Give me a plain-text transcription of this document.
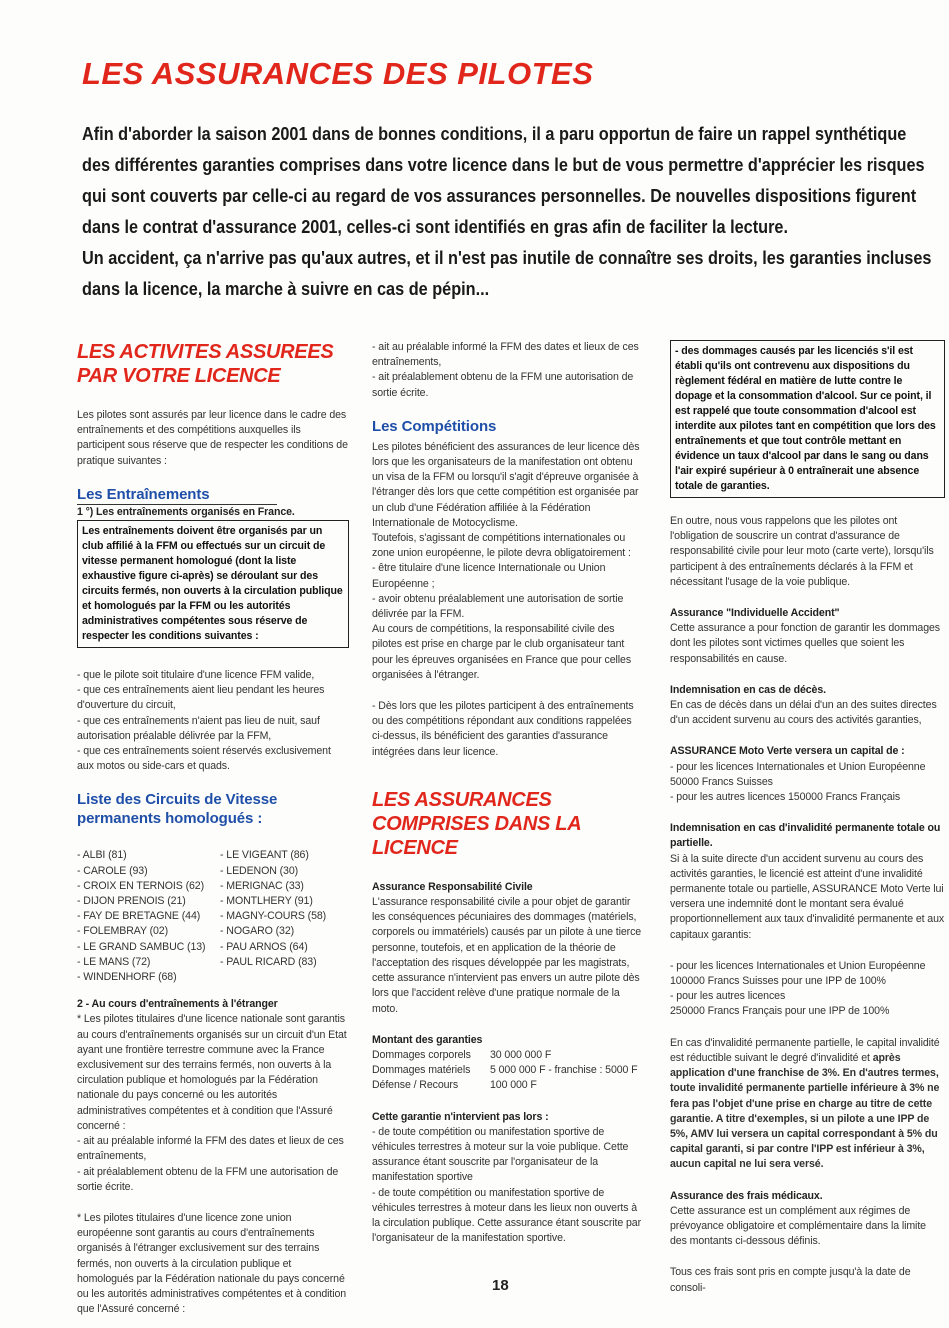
LES ASSURANCES DES PILOTES

Afin d'aborder la saison 2001 dans de bonnes conditions, il a paru opportun de faire un rappel synthétique des différentes garanties comprises dans votre licence dans le but de vous permettre d'apprécier les risques qui sont couverts par celle-ci au regard de vos assurances personnelles. De nouvelles dispositions figurent dans le contrat d'assurance 2001, celles-ci sont identifiés en gras afin de faciliter la lecture.

Un accident, ça n'arrive pas qu'aux autres, et il n'est pas inutile de connaître ses droits, les garanties incluses dans la licence, la marche à suivre en cas de pépin...

LES ACTIVITES ASSUREES PAR VOTRE LICENCE

Les pilotes sont assurés par leur licence dans le cadre des entraînements et des compétitions auxquelles ils participent sous réserve que de respecter les conditions de pratique suivantes :

Les Entraînements

1 °) Les entraînements organisés en France.

Les entraînements doivent être organisés par un club affilié à la FFM ou effectués sur un circuit de vitesse permanent homologué (dont la liste exhaustive figure ci-après) se déroulant sur des circuits fermés, non ouverts à la circulation publique et homologués par la FFM ou les autorités administratives compétentes sous réserve de respecter les conditions suivantes :

- que le pilote soit titulaire d'une licence FFM valide,

- que ces entraînements aient lieu pendant les heures d'ouverture du circuit,

- que ces entraînements n'aient pas lieu de nuit, sauf autorisation préalable délivrée par la FFM,

- que ces entraînements soient réservés exclusivement aux motos ou side-cars et quads.

Liste des Circuits de Vitesse permanents homologués :
- ALBI (81)
- CAROLE (93)
- CROIX EN TERNOIS (62)
- DIJON PRENOIS (21)
- FAY DE BRETAGNE (44)
- FOLEMBRAY (02)
- LE GRAND SAMBUC (13)
- LE MANS (72)
- WINDENHORF (68)
- LE VIGEANT (86)
- LEDENON (30)
- MERIGNAC (33)
- MONTLHERY (91)
- MAGNY-COURS (58)
- NOGARO (32)
- PAU ARNOS (64)
- PAUL RICARD (83)

2 - Au cours d'entraînements à l'étranger

* Les pilotes titulaires d'une licence nationale sont garantis au cours d'entraînements organisés sur un circuit d'un Etat ayant une frontière terrestre commune avec la France exclusivement sur des terrains fermés, non ouverts à la circulation publique et homologués par la Fédération nationale du pays concerné ou les autorités administratives compétentes et à condition que l'Assuré concerné :

- ait au préalable informé la FFM des dates et lieux de ces entraînements,

- ait préalablement obtenu de la FFM une autorisation de sortie écrite.

* Les pilotes titulaires d'une licence zone union européenne sont garantis au cours d'entraînements organisés à l'étranger exclusivement sur des terrains fermés, non ouverts à la circulation publique et homologués par la Fédération nationale du pays concerné ou les autorités administratives compétentes et à condition que l'Assuré concerné :

- ait au préalable informé la FFM des dates et lieux de ces entraînements,

- ait préalablement obtenu de la FFM une autorisation de sortie écrite.

Les Compétitions

Les pilotes bénéficient des assurances de leur licence dès lors que les organisateurs de la manifestation ont obtenu un visa de la FFM ou lorsqu'il s'agit d'épreuve organisée à l'étranger dès lors que cette compétition est organisée par un club d'une Fédération affiliée à la Fédération Internationale de Motocyclisme.

Toutefois, s'agissant de compétitions internationales ou zone union européenne, le pilote devra obligatoirement :

- être titulaire d'une licence Internationale ou Union Européenne ;

- avoir obtenu préalablement une autorisation de sortie délivrée par la FFM.

Au cours de compétitions, la responsabilité civile des pilotes est prise en charge par le club organisateur tant pour les épreuves organisées en France que pour celles organisées à l'étranger.

- Dès lors que les pilotes participent à des entraînements ou des compétitions répondant aux conditions rappelées ci-dessus, ils bénéficient des garanties d'assurance intégrées dans leur licence.

LES ASSURANCES COMPRISES DANS LA LICENCE

Assurance Responsabilité Civile

L'assurance responsabilité civile a pour objet de garantir les conséquences pécuniaires des dommages (matériels, corporels ou immatériels) causés par un pilote à une tierce personne, toutefois, et en application de la théorie de l'acceptation des risques développée par les magistrats, cette assurance n'intervient pas envers un autre pilote dès lors que l'accident relève d'une pratique normale de la moto.

Montant des garanties

Dommages corporels	30 000 000 F
Dommages matériels	5 000 000 F - franchise : 5000 F
Défense / Recours	100 000 F

Cette garantie n'intervient pas lors :

- de toute compétition ou manifestation sportive de véhicules terrestres à moteur sur la voie publique. Cette assurance étant souscrite par l'organisateur de la manifestation sportive

- de toute compétition ou manifestation sportive de véhicules terrestres à moteur dans les lieux non ouverts à la circulation publique. Cette assurance étant souscrite par l'organisateur de la manifestation sportive.

- des dommages causés par les licenciés s'il est établi qu'ils ont contrevenu aux dispositions du règlement fédéral en matière de lutte contre le dopage et la consommation d'alcool. Sur ce point, il est rappelé que toute consommation d'alcool est interdite aux pilotes tant en compétition que lors des entraînements et que tout contrôle mettant en évidence un taux d'alcool par dans le sang ou dans l'air expiré supérieur à 0 entraînerait une absence totale de garanties.

En outre, nous vous rappelons que les pilotes ont l'obligation de souscrire un contrat d'assurance de responsabilité civile pour leur moto (carte verte), lorsqu'ils participent à des entraînements déclarés à la FFM et nécessitant l'usage de la voie publique.

Assurance "Individuelle Accident"

Cette assurance a pour fonction de garantir les dommages dont les pilotes sont victimes quelles que soient les responsabilités en cause.

Indemnisation en cas de décès.

En cas de décès dans un délai d'un an des suites directes d'un accident survenu au cours des activités garanties,

ASSURANCE Moto Verte versera un capital de :

- pour les licences Internationales et Union Européenne 50000 Francs Suisses

- pour les autres licences 150000 Francs Français

Indemnisation en cas d'invalidité permanente totale ou partielle.

Si à la suite directe d'un accident survenu au cours des activités garanties, le licencié est atteint d'une invalidité permanente totale ou partielle, ASSURANCE Moto Verte lui versera une indemnité dont le montant sera évalué proportionnellement aux taux d'invalidité permanente et aux capitaux garantis:

- pour les licences Internationales et Union Européenne 100000 Francs Suisses pour une IPP de 100%

- pour les autres licences

250000 Francs Français pour une IPP de 100%

En cas d'invalidité permanente partielle, le capital invalidité est réductible suivant le degré d'invalidité et après application d'une franchise de 3%. En d'autres termes, toute invalidité permanente partielle inférieure à 3% ne fera pas l'objet d'une prise en charge au titre de cette garantie. A titre d'exemples, si un pilote a une IPP de 5%, AMV lui versera un capital correspondant à 5% du capital garanti, si par contre l'IPP est inférieur à 3%, aucun capital ne lui sera versé.

Assurance des frais médicaux.

Cette assurance est un complément aux régimes de prévoyance obligatoire et complémentaire dans la limite des montants ci-dessous définis.

Tous ces frais sont pris en compte jusqu'à la date de consoli-

18
